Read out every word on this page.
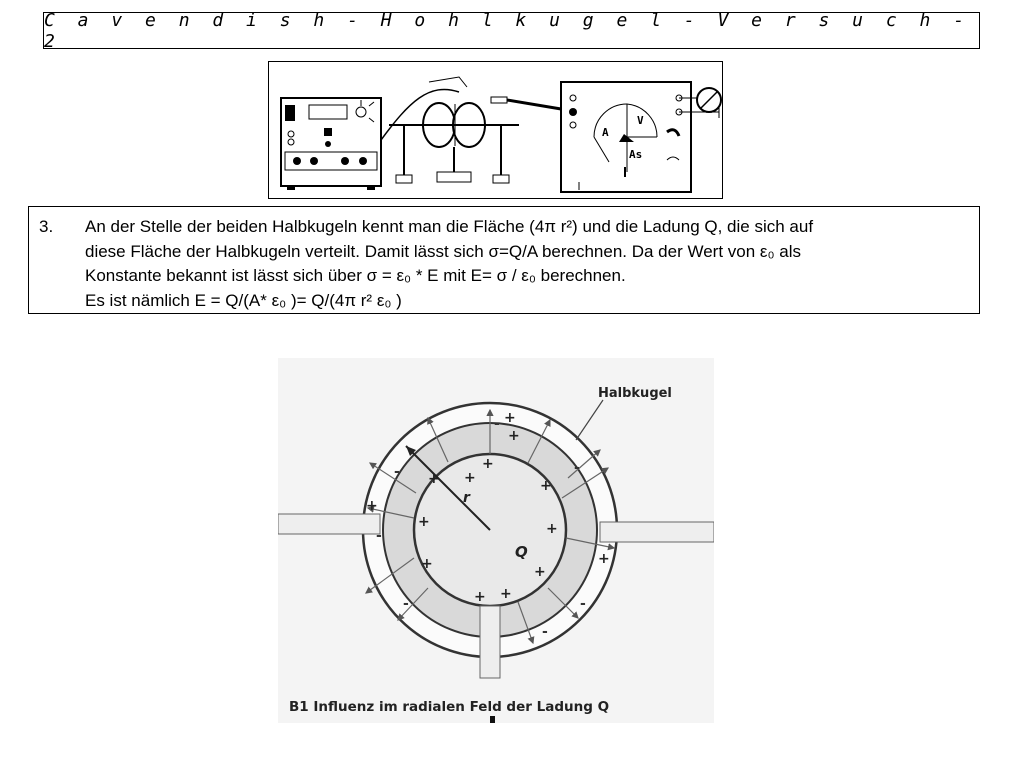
C a v e n d i s h - H o h l k u g e l - V e r s u c h - 2
V
A
As
3. An der Stelle der beiden Halbkugeln kennt man die Fläche (4π r²) und die Ladung Q, die sich auf
diese Fläche der Halbkugeln verteilt. Damit lässt sich σ=Q/A berechnen. Da der Wert von ε₀ als
Konstante bekannt ist lässt sich über σ = ε₀ * E mit E= σ / ε₀ berechnen.
Es ist nämlich E = Q/(A* ε₀ )= Q/(4π r² ε₀ )
+
+	+
+
+
+	+
+
+
+
+
+
+
+
-
-
-
-
-	-
-
Halbkugel
r
Q
B1 Influenz im radialen Feld der Ladung Q
